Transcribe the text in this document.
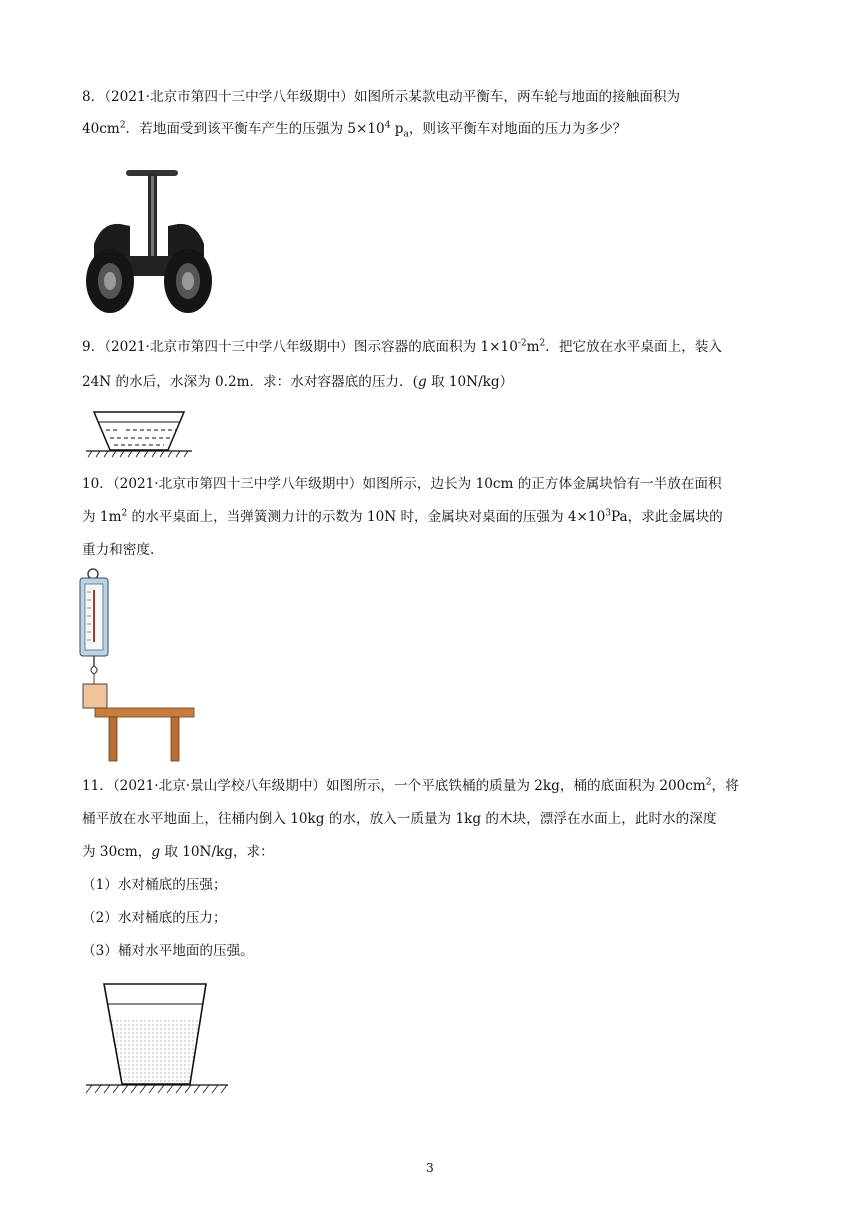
8．（2021·北京市第四十三中学八年级期中）如图所示某款电动平衡车，两车轮与地面的接触面积为
$40cm^2$．若地面受到该平衡车产生的压强为 $5\times 10^4$ $p_a$，则该平衡车对地面的压力为多少？
9．（2021·北京市第四十三中学八年级期中）图示容器的底面积为 $1\times 10^{-2}m^2$．把它放在水平桌面上，装入
24N 的水后，水深为 0.2m．求：水对容器底的压力．(g 取 10N/kg）
10．（2021·北京市第四十三中学八年级期中）如图所示，边长为 10cm 的正方体金属块恰有一半放在面积
为 $1m^2$ 的水平桌面上，当弹簧测力计的示数为 10N 时，金属块对桌面的压强为 $4\times 10^3Pa$，求此金属块的
重力和密度.
11．（2021·北京·景山学校八年级期中）如图所示，一个平底铁桶的质量为 2kg，桶的底面积为 $200cm^2$，将
桶平放在水平地面上，往桶内倒入 10kg 的水，放入一质量为 1kg 的木块，漂浮在水面上，此时水的深度
为 30cm，g 取 10N/kg，求：
（1）水对桶底的压强；
（2）水对桶底的压力；
（3）桶对水平地面的压强。
3
